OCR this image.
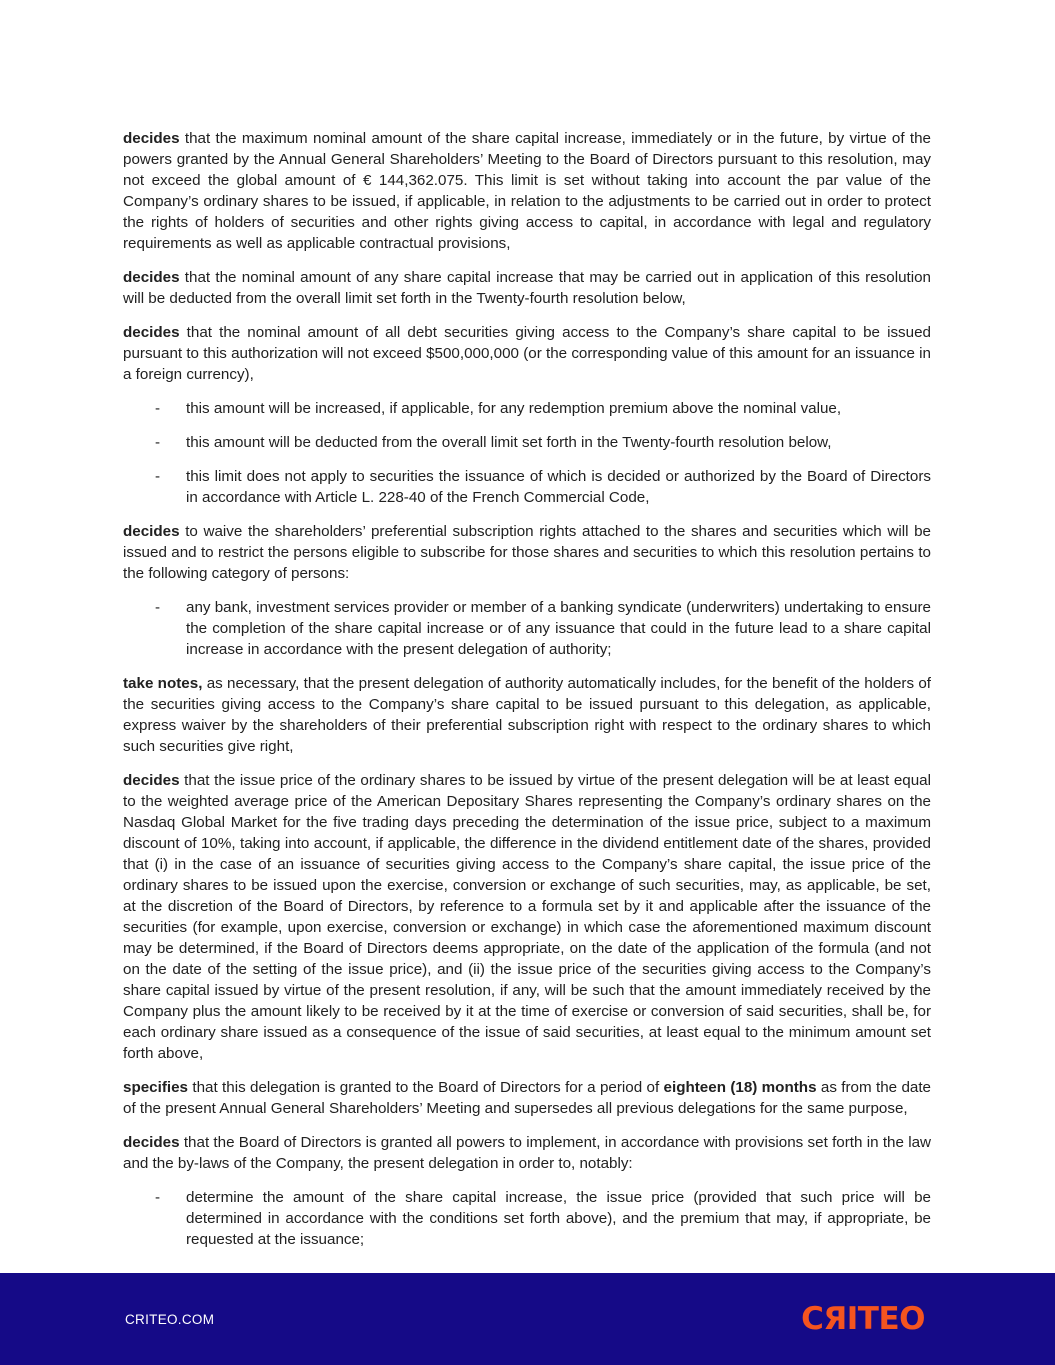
decides that the maximum nominal amount of the share capital increase, immediately or in the future, by virtue of the powers granted by the Annual General Shareholders’ Meeting to the Board of Directors pursuant to this resolution, may not exceed the global amount of € 144,362.075. This limit is set without taking into account the par value of the Company’s ordinary shares to be issued, if applicable, in relation to the adjustments to be carried out in order to protect the rights of holders of securities and other rights giving access to capital, in accordance with legal and regulatory requirements as well as applicable contractual provisions,

decides that the nominal amount of any share capital increase that may be carried out in application of this resolution will be deducted from the overall limit set forth in the Twenty-fourth resolution below,

decides that the nominal amount of all debt securities giving access to the Company’s share capital to be issued pursuant to this authorization will not exceed $500,000,000 (or the corresponding value of this amount for an issuance in a foreign currency),

-	this amount will be increased, if applicable, for any redemption premium above the nominal value,
-	this amount will be deducted from the overall limit set forth in the Twenty-fourth resolution below,
-	this limit does not apply to securities the issuance of which is decided or authorized by the Board of Directors in accordance with Article L. 228-40 of the French Commercial Code,

decides to waive the shareholders’ preferential subscription rights attached to the shares and securities which will be issued and to restrict the persons eligible to subscribe for those shares and securities to which this resolution pertains to the following category of persons:

-	any bank, investment services provider or member of a banking syndicate (underwriters) undertaking to ensure the completion of the share capital increase or of any issuance that could in the future lead to a share capital increase in accordance with the present delegation of authority;

take notes, as necessary, that the present delegation of authority automatically includes, for the benefit of the holders of the securities giving access to the Company’s share capital to be issued pursuant to this delegation, as applicable, express waiver by the shareholders of their preferential subscription right with respect to the ordinary shares to which such securities give right,

decides that the issue price of the ordinary shares to be issued by virtue of the present delegation will be at least equal to the weighted average price of the American Depositary Shares representing the Company’s ordinary shares on the Nasdaq Global Market for the five trading days preceding the determination of the issue price, subject to a maximum discount of 10%, taking into account, if applicable, the difference in the dividend entitlement date of the shares, provided that (i) in the case of an issuance of securities giving access to the Company’s share capital, the issue price of the ordinary shares to be issued upon the exercise, conversion or exchange of such securities, may, as applicable, be set, at the discretion of the Board of Directors, by reference to a formula set by it and applicable after the issuance of the securities (for example, upon exercise, conversion or exchange) in which case the aforementioned maximum discount may be determined, if the Board of Directors deems appropriate, on the date of the application of the formula (and not on the date of the setting of the issue price), and (ii) the issue price of the securities giving access to the Company’s share capital issued by virtue of the present resolution, if any, will be such that the amount immediately received by the Company plus the amount likely to be received by it at the time of exercise or conversion of said securities, shall be, for each ordinary share issued as a consequence of the issue of said securities, at least equal to the minimum amount set forth above,

specifies that this delegation is granted to the Board of Directors for a period of eighteen (18) months as from the date of the present Annual General Shareholders’ Meeting and supersedes all previous delegations for the same purpose,

decides that the Board of Directors is granted all powers to implement, in accordance with provisions set forth in the law and the by-laws of the Company, the present delegation in order to, notably:

-	determine the amount of the share capital increase, the issue price (provided that such price will be determined in accordance with the conditions set forth above), and the premium that may, if appropriate, be requested at the issuance;
CRITEO.COM	CЯITEO
